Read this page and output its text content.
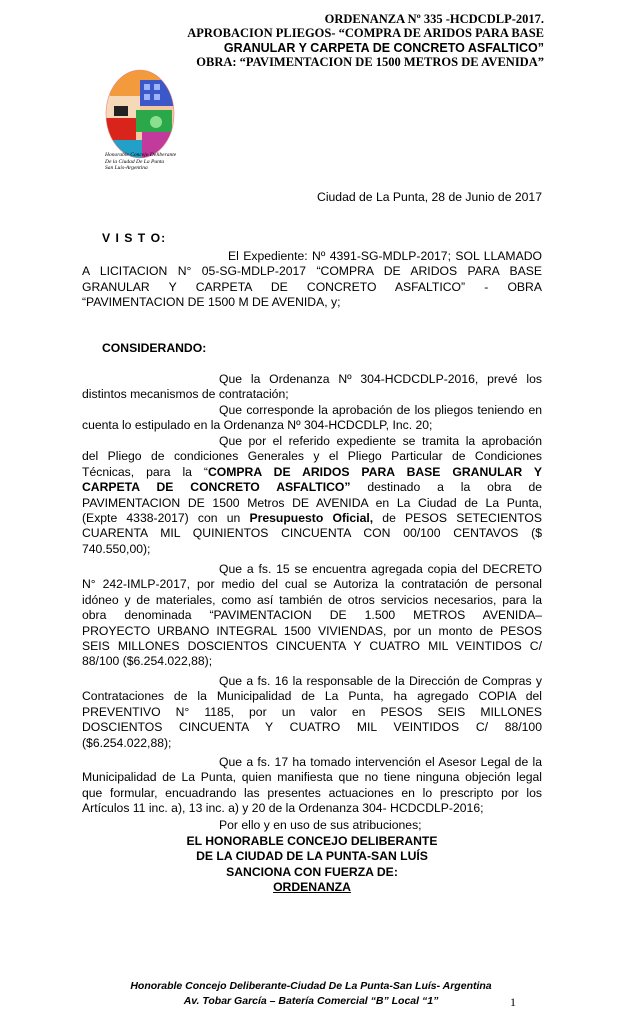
ORDENANZA Nº 335 -HCDCDLP-2017.
APROBACION PLIEGOS- “COMPRA DE ARIDOS PARA BASE
GRANULAR Y CARPETA DE CONCRETO ASFALTICO”
OBRA: “PAVIMENTACION DE 1500 METROS DE AVENIDA”
Honorable Concejo Deliberante
De la Ciudad De La Punta
San Luis-Argentina
Ciudad de La Punta, 28 de Junio de 2017
V I S T O:
El Expediente: Nº 4391-SG-MDLP-2017; SOL LLAMADO
A LICITACION N° 05-SG-MDLP-2017 “COMPRA DE ARIDOS PARA BASE
GRANULAR Y CARPETA DE CONCRETO ASFALTICO” - OBRA
“PAVIMENTACION DE 1500 M DE AVENIDA, y;
CONSIDERANDO:
Que la Ordenanza Nº 304-HCDCDLP-2016, prevé los
distintos mecanismos de contratación;
Que corresponde la aprobación de los pliegos teniendo en
cuenta lo estipulado en la Ordenanza Nº 304-HCDCDLP, Inc. 20;
Que por el referido expediente se tramita la aprobación
del Pliego de condiciones Generales y el Pliego Particular de Condiciones
Técnicas, para la “COMPRA DE ARIDOS PARA BASE GRANULAR Y
CARPETA DE CONCRETO ASFALTICO” destinado a la obra de
PAVIMENTACION DE 1500 Metros DE AVENIDA en La Ciudad de La Punta,
(Expte 4338-2017) con un Presupuesto Oficial, de PESOS SETECIENTOS
CUARENTA MIL QUINIENTOS CINCUENTA CON 00/100 CENTAVOS ($
740.550,00);
Que a fs. 15 se encuentra agregada copia del DECRETO
N° 242-IMLP-2017, por medio del cual se Autoriza la contratación de personal
idóneo y de materiales, como así también de otros servicios necesarios, para la
obra denominada “PAVIMENTACION DE 1.500 METROS AVENIDA–
PROYECTO URBANO INTEGRAL 1500 VIVIENDAS, por un monto de PESOS
SEIS MILLONES DOSCIENTOS CINCUENTA Y CUATRO MIL VEINTIDOS C/
88/100 ($6.254.022,88);
Que a fs. 16 la responsable de la Dirección de Compras y
Contrataciones de la Municipalidad de La Punta, ha agregado COPIA del
PREVENTIVO N° 1185, por un valor en PESOS SEIS MILLONES
DOSCIENTOS CINCUENTA Y CUATRO MIL VEINTIDOS C/ 88/100
($6.254.022,88);
Que a fs. 17 ha tomado intervención el Asesor Legal de la
Municipalidad de La Punta, quien manifiesta que no tiene ninguna objeción legal
que formular, encuadrando las presentes actuaciones en lo prescripto por los
Artículos 11 inc. a), 13 inc. a) y 20 de la Ordenanza 304- HCDCDLP-2016;
Por ello y en uso de sus atribuciones;
EL HONORABLE CONCEJO DELIBERANTE
DE LA CIUDAD DE LA PUNTA-SAN LUÍS
SANCIONA CON FUERZA DE:
ORDENANZA
Honorable Concejo Deliberante-Ciudad De La Punta-San Luís- Argentina
Av. Tobar García – Batería Comercial “B” Local “1”	1
